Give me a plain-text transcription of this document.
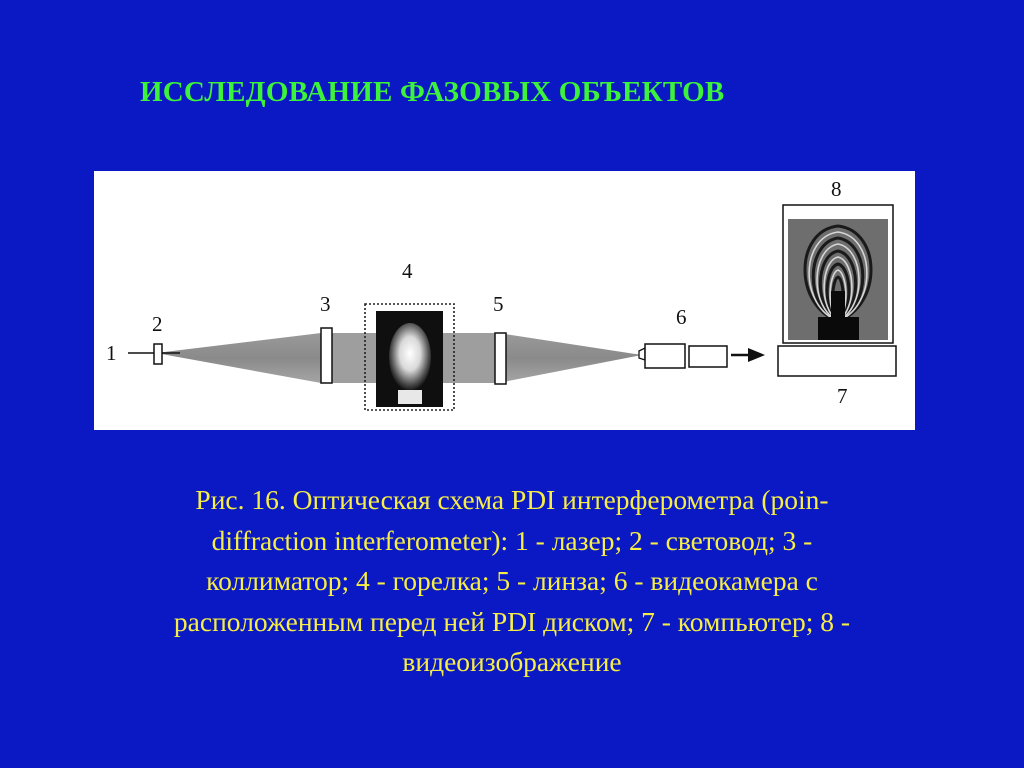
ИССЛЕДОВАНИЕ ФАЗОВЫХ ОБЪЕКТОВ
1
2
3
4
5
6
7
8
Рис. 16. Оптическая схема PDI интерферометра (poin-
diffraction interferometer): 1 - лазер; 2 - световод; 3 -
коллиматор; 4 - горелка; 5 - линза; 6 - видеокамера с
расположенным перед ней PDI диском; 7 - компьютер; 8 -
видеоизображение
